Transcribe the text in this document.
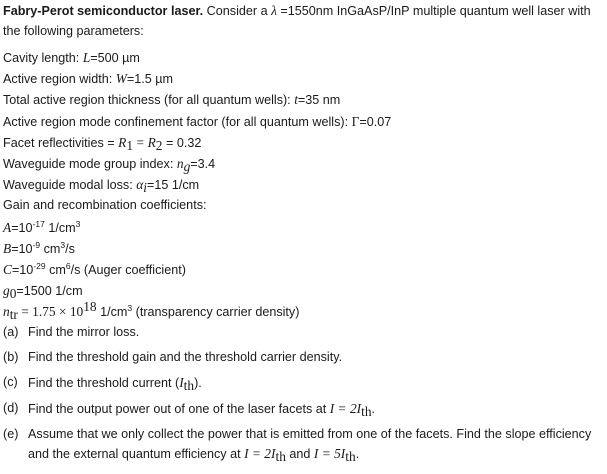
Fabry-Perot semiconductor laser. Consider a λ =1550nm InGaAsP/InP multiple quantum well laser with the following parameters:

Cavity length: L=500 µm
Active region width: W=1.5 µm
Total active region thickness (for all quantum wells): t=35 nm
Active region mode confinement factor (for all quantum wells): Γ=0.07
Facet reflectivities = $R_1 = R_2 = 0.32$
Waveguide mode group index: $n_g=3.4$
Waveguide modal loss: $\alpha_i=15$ 1/cm
Gain and recombination coefficients:
$A=10^{-17}$ $1/cm^3$
$B=10^{-9}$ $cm^3/s$
$C=10^{-29}$ $cm^6/s$ (Auger coefficient)
$g_0=1500$ 1/cm
$n_{tr} = 1.75 \times 10^{18}$ $1/cm^3$ (transparency carrier density)
(a) Find the mirror loss.
(b) Find the threshold gain and the threshold carrier density.
(c) Find the threshold current $(I_{th})$.
(d) Find the output power out of one of the laser facets at $I = 2I_{th}$.
(e) Assume that we only collect the power that is emitted from one of the facets. Find the slope efficiency and the external quantum efficiency at $I = 2I_{th}$ and $I = 5I_{th}$.
